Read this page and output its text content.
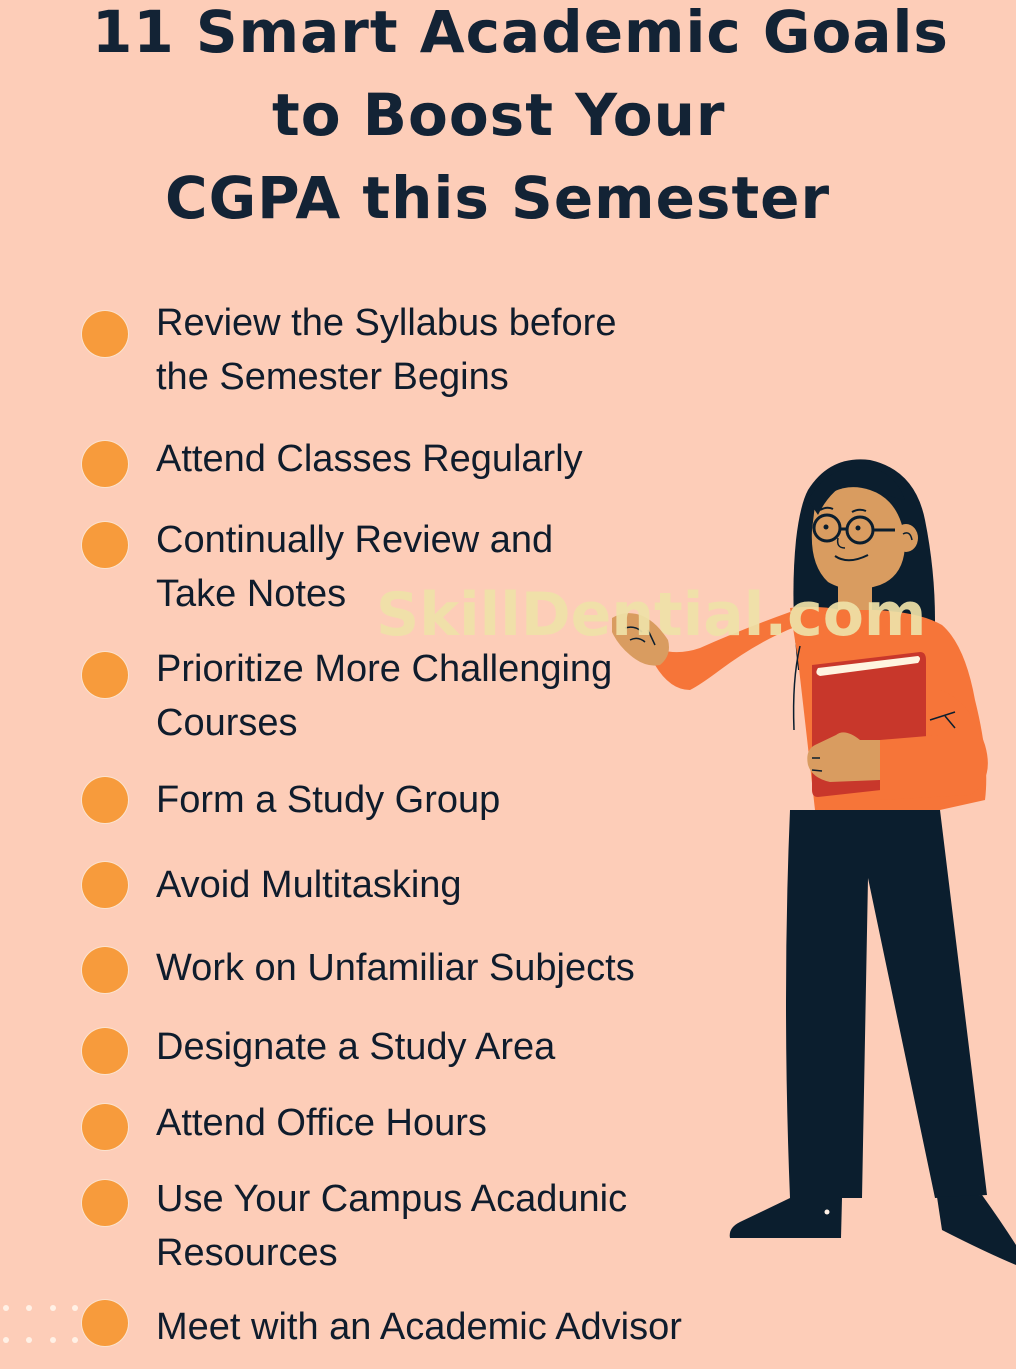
11 Smart Academic Goals
to Boost Your
CGPA this Semester
Review the Syllabus before
the Semester Begins
Attend Classes Regularly
Continually Review and
Take Notes
Prioritize More Challenging
Courses
Form a Study Group
Avoid Multitasking
Work on Unfamiliar Subjects
Designate a Study Area
Attend Office Hours
Use Your Campus Acadunic
Resources
Meet with an Academic Advisor
SkillDential.com
